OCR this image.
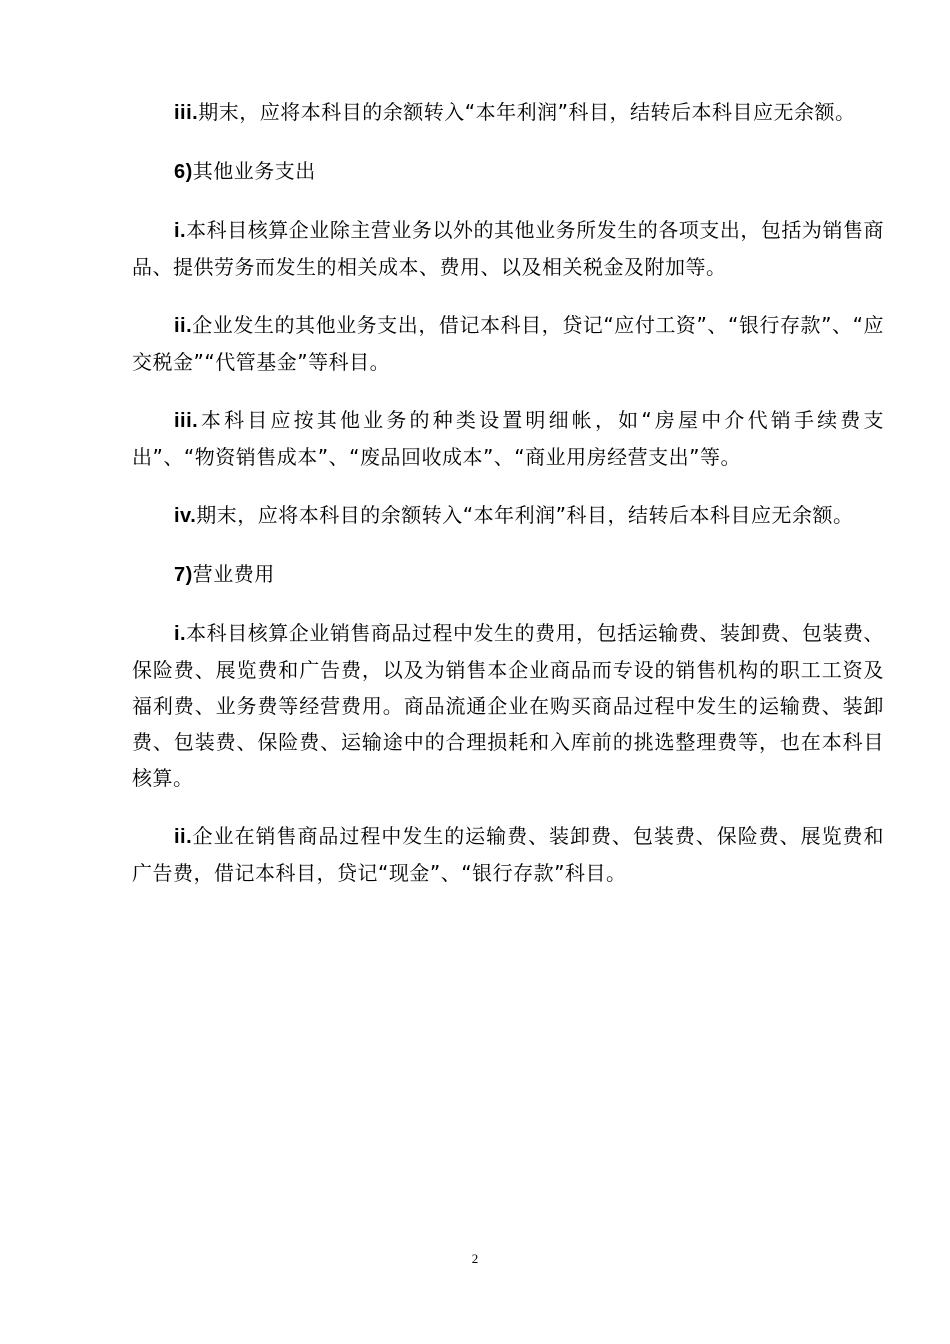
iii.期末，应将本科目的余额转入“本年利润”科目，结转后本科目应无余额。

6)其他业务支出

i.本科目核算企业除主营业务以外的其他业务所发生的各项支出，包括为销售商品、提供劳务而发生的相关成本、费用、以及相关税金及附加等。

ii.企业发生的其他业务支出，借记本科目，贷记“应付工资”、“银行存款”、“应交税金”“代管基金”等科目。

iii.本科目应按其他业务的种类设置明细帐，如“房屋中介代销手续费支出”、“物资销售成本”、“废品回收成本”、“商业用房经营支出”等。

iv.期末，应将本科目的余额转入“本年利润”科目，结转后本科目应无余额。

7)营业费用

i.本科目核算企业销售商品过程中发生的费用，包括运输费、装卸费、包装费、保险费、展览费和广告费，以及为销售本企业商品而专设的销售机构的职工工资及福利费、业务费等经营费用。商品流通企业在购买商品过程中发生的运输费、装卸费、包装费、保险费、运输途中的合理损耗和入库前的挑选整理费等，也在本科目核算。

ii.企业在销售商品过程中发生的运输费、装卸费、包装费、保险费、展览费和广告费，借记本科目，贷记“现金”、“银行存款”科目。

2
